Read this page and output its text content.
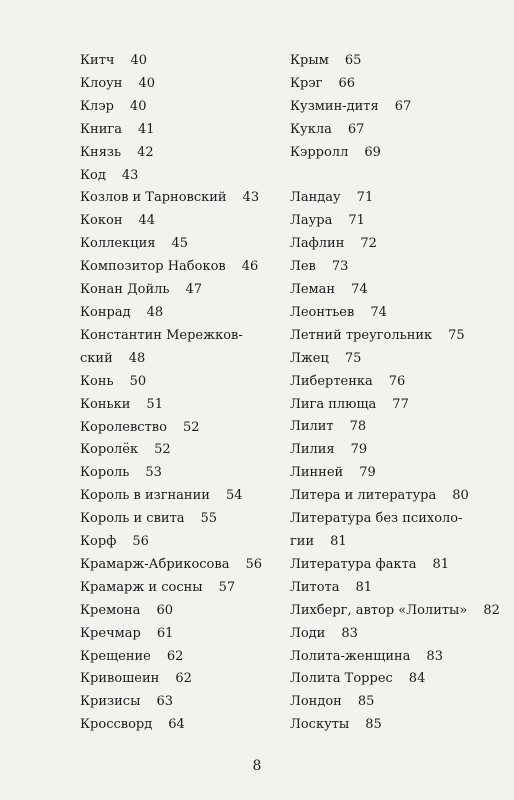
Китч 40
Клоун 40
Клэр 40
Книга 41
Князь 42
Код 43
Козлов и Тарновский 43
Кокон 44
Коллекция 45
Композитор Набоков 46
Конан Дойль 47
Конрад 48
Константин Мережков-
ский 48
Конь 50
Коньки 51
Королевство 52
Королёк 52
Король 53
Король в изгнании 54
Король и свита 55
Корф 56
Крамарж-Абрикосова 56
Крамарж и сосны 57
Кремона 60
Кречмар 61
Крещение 62
Кривошеин 62
Кризисы 63
Кроссворд 64
Крым 65
Крэг 66
Кузмин-дитя 67
Кукла 67
Кэрролл 69
Ландау 71
Лаура 71
Лафлин 72
Лев 73
Леман 74
Леонтьев 74
Летний треугольник 75
Лжец 75
Либертенка 76
Лига плюща 77
Лилит 78
Лилия 79
Линней 79
Литера и литература 80
Литература без психоло-
гии 81
Литература факта 81
Литота 81
Лихберг, автор «Лолиты» 82
Лоди 83
Лолита-женщина 83
Лолита Торрес 84
Лондон 85
Лоскуты 85
8
